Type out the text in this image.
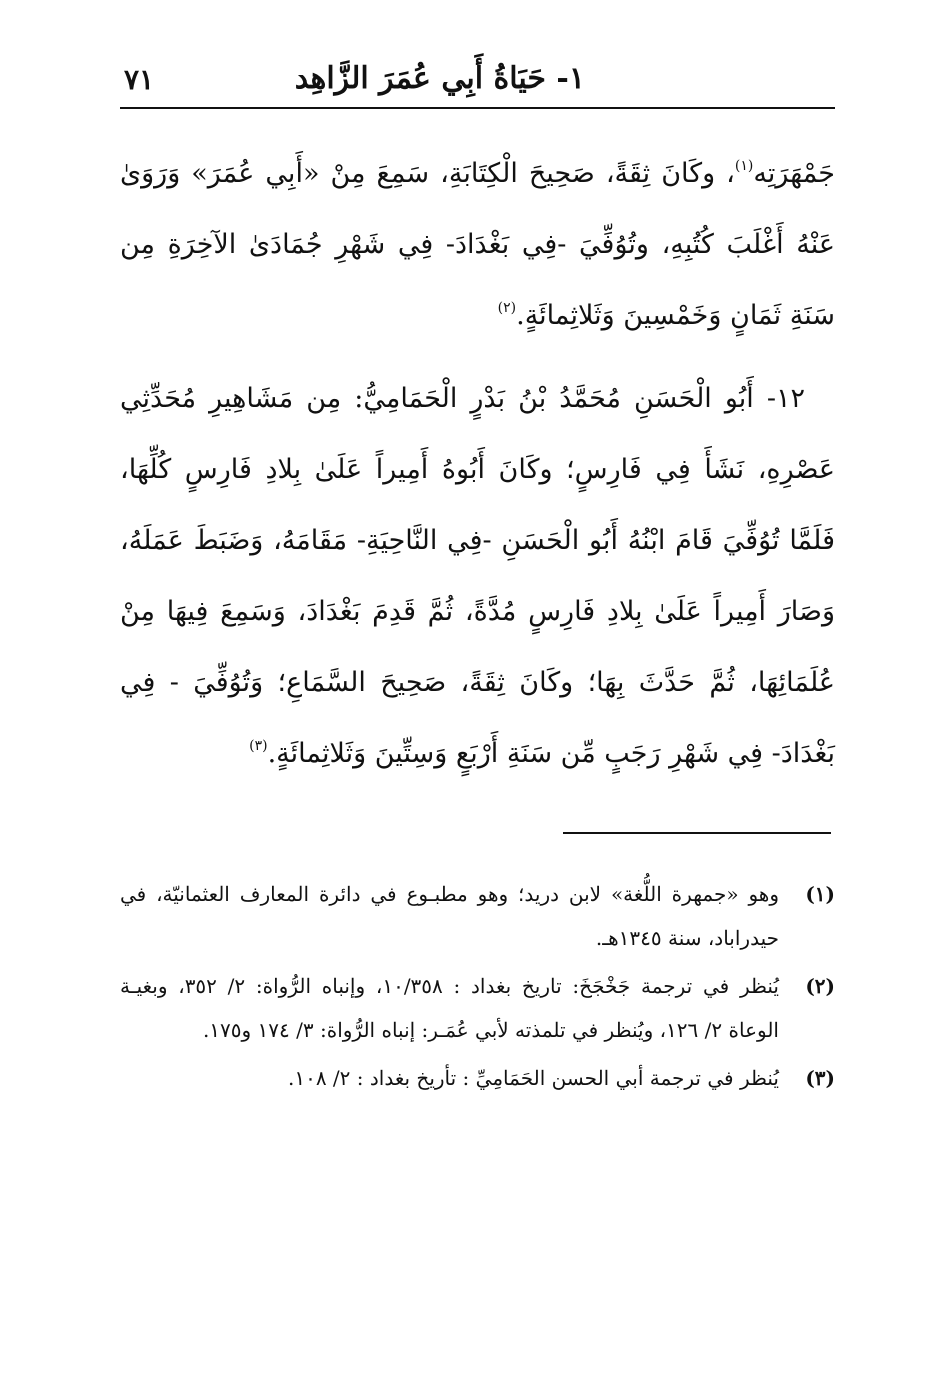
١- حَيَاةُ أَبِي عُمَرَ الزَّاهِد
٧١

جَمْهَرَتِه$^{(١)}$، وكَانَ ثِقَةً، صَحِيحَ الْكِتَابَةِ، سَمِعَ مِنْ «أَبِي عُمَرَ» وَرَوَىٰ عَنْهُ أَغْلَبَ كُتُبِهِ، وتُوُفِّيَ -فِي بَغْدَادَ- فِي شَهْرِ جُمَادَىٰ الآخِرَةِ مِن سَنَةِ ثَمَانٍ وَخَمْسِينَ وَثَلاثِمائَةٍ.$^{(٢)}$

١٢- أَبُو الْحَسَنِ مُحَمَّدُ بْنُ بَدْرٍ الْحَمَامِيُّ: مِن مَشَاهِيرِ مُحَدِّثِي عَصْرِهِ، نَشَأَ فِي فَارِسٍ؛ وكَانَ أَبُوهُ أَمِيراً عَلَىٰ بِلادِ فَارِسٍ كُلِّهَا، فَلَمَّا تُوُفِّيَ قَامَ ابْنُهُ أَبُو الْحَسَنِ -فِي النَّاحِيَةِ- مَقَامَهُ، وَضَبَطَ عَمَلَهُ، وَصَارَ أَمِيراً عَلَىٰ بِلادِ فَارِسٍ مُدَّةً، ثُمَّ قَدِمَ بَغْدَادَ، وَسَمِعَ فِيهَا مِنْ عُلَمَائِهَا، ثُمَّ حَدَّثَ بِهَا؛ وكَانَ ثِقَةً، صَحِيحَ السَّمَاعِ؛ وَتُوُفِّيَ - فِي بَغْدَادَ- فِي شَهْرِ رَجَبٍ مِّن سَنَةِ أَرْبَعٍ وَسِتِّينَ وَثَلاثِمائَةٍ.$^{(٣)}$

(١)
وهو «جمهرة اللُّغة» لابن دريد؛ وهو مطبـوع في دائرة المعارف العثمانيّة، في حيدراباد، سنة ١٣٤٥هـ.
(٢)
يُنظر في ترجمة جَخْجَخَ: تاريخ بغداد : ١٠/٣٥٨، وإنباه الرُّواة: ٢/ ٣٥٢، وبغيـة الوعاة ٢/ ١٢٦، ويُنظر في تلمذته لأبي عُمَـر: إنباه الرُّواة: ٣/ ١٧٤ و١٧٥.
(٣)
يُنظر في ترجمة أبي الحسن الحَمَامِيِّ : تأريخ بغداد : ٢/ ١٠٨.
